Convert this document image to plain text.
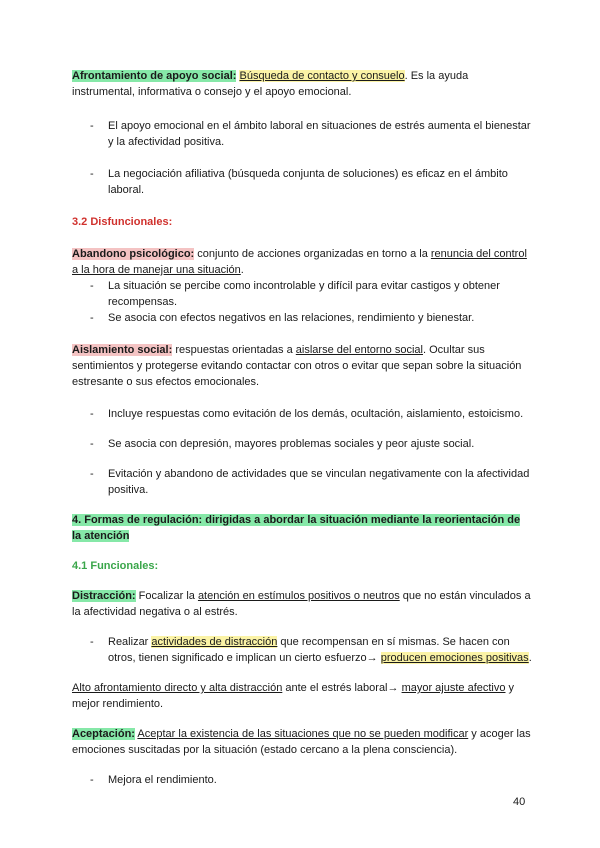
Afrontamiento de apoyo social: Búsqueda de contacto y consuelo. Es la ayuda instrumental, informativa o consejo y el apoyo emocional.

- El apoyo emocional en el ámbito laboral en situaciones de estrés aumenta el bienestar y la afectividad positiva.
- La negociación afiliativa (búsqueda conjunta de soluciones) es eficaz en el ámbito laboral.

3.2 Disfuncionales:

Abandono psicológico: conjunto de acciones organizadas en torno a la renuncia del control a la hora de manejar una situación.

- La situación se percibe como incontrolable y difícil para evitar castigos y obtener recompensas.
- Se asocia con efectos negativos en las relaciones, rendimiento y bienestar.

Aislamiento social: respuestas orientadas a aislarse del entorno social. Ocultar sus sentimientos y protegerse evitando contactar con otros o evitar que sepan sobre la situación estresante o sus efectos emocionales.

- Incluye respuestas como evitación de los demás, ocultación, aislamiento, estoicismo.
- Se asocia con depresión, mayores problemas sociales y peor ajuste social.
- Evitación y abandono de actividades que se vinculan negativamente con la afectividad positiva.

4. Formas de regulación: dirigidas a abordar la situación mediante la reorientación de la atención

4.1 Funcionales:

Distracción: Focalizar la atención en estímulos positivos o neutros que no están vinculados a la afectividad negativa o al estrés.

- Realizar actividades de distracción que recompensan en sí mismas. Se hacen con otros, tienen significado e implican un cierto esfuerzo→ producen emociones positivas.

Alto afrontamiento directo y alta distracción ante el estrés laboral→ mayor ajuste afectivo y mejor rendimiento.

Aceptación: Aceptar la existencia de las situaciones que no se pueden modificar y acoger las emociones suscitadas por la situación (estado cercano a la plena consciencia).

- Mejora el rendimiento.
40
